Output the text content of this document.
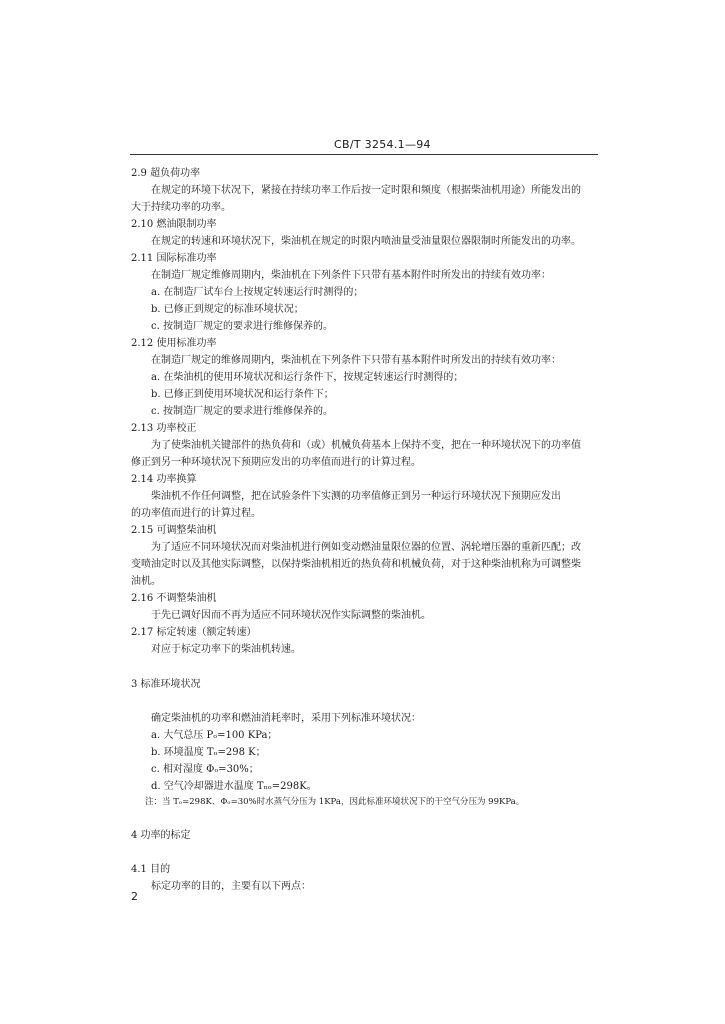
CB/T 3254.1—94
2.9 超负荷功率
在规定的环境下状况下，紧接在持续功率工作后按一定时限和频度（根据柴油机用途）所能发出的
大于持续功率的功率。
2.10 燃油限制功率
在规定的转速和环境状况下，柴油机在规定的时限内喷油量受油量限位器限制时所能发出的功率。
2.11 国际标准功率
在制造厂规定维修周期内，柴油机在下列条件下只带有基本附件时所发出的持续有效功率：
a. 在制造厂试车台上按规定转速运行时测得的；
b. 已修正到规定的标准环境状况；
c. 按制造厂规定的要求进行维修保养的。
2.12 使用标准功率
在制造厂规定的维修周期内，柴油机在下列条件下只带有基本附件时所发出的持续有效功率：
a. 在柴油机的使用环境状况和运行条件下，按规定转速运行时测得的；
b. 已修正到使用环境状况和运行条件下；
c. 按制造厂规定的要求进行维修保养的。
2.13 功率校正
为了使柴油机关键部件的热负荷和（或）机械负荷基本上保持不变，把在一种环境状况下的功率值
修正到另一种环境状况下预期应发出的功率值而进行的计算过程。
2.14 功率换算
柴油机不作任何调整，把在试验条件下实测的功率值修正到另一种运行环境状况下预期应发出
的功率值而进行的计算过程。
2.15 可调整柴油机
为了适应不同环境状况而对柴油机进行例如变动燃油量限位器的位置、涡轮增压器的重新匹配；改
变喷油定时以及其他实际调整，以保持柴油机相近的热负荷和机械负荷，对于这种柴油机称为可调整柴
油机。
2.16 不调整柴油机
于先已调好因而不再为适应不同环境状况作实际调整的柴油机。
2.17 标定转速（额定转速）
对应于标定功率下的柴油机转速。
3 标准环境状况
确定柴油机的功率和燃油消耗率时，采用下列标准环境状况：
a. 大气总压 Pₒ=100 KPa；
b. 环境温度 Tₒ=298 K；
c. 相对湿度 Φₒ=30%；
d. 空气冷却器进水温度 Tₙₒ=298K。
注：当 Tₒ=298K、Φₒ=30%时水蒸气分压为 1KPa，因此标准环境状况下的干空气分压为 99KPa。
4 功率的标定
4.1 目的
标定功率的目的，主要有以下两点：
2
